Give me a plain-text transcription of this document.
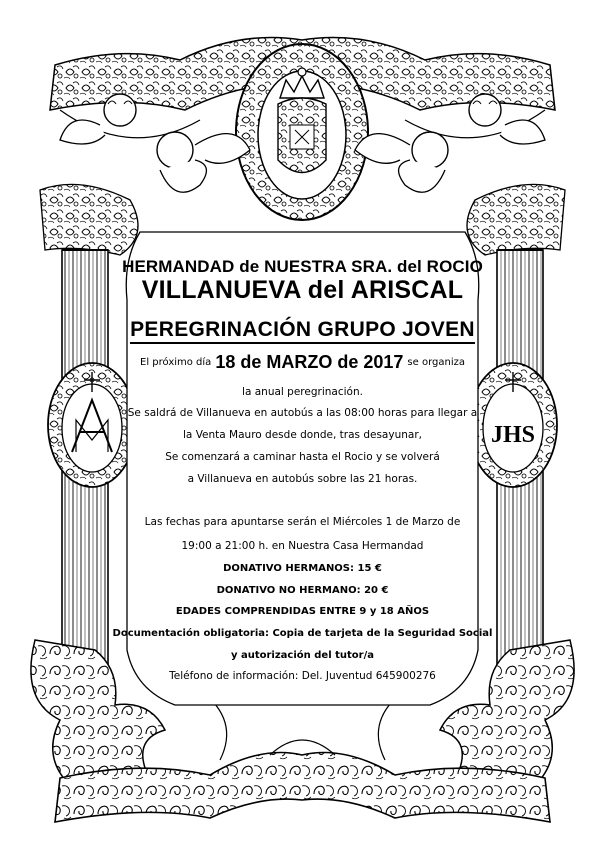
JHS
HERMANDAD de NUESTRA SRA. del ROCIO
VILLANUEVA del ARISCAL
PEREGRINACIÓN GRUPO JOVEN
El próximo día 18 de MARZO de 2017 se organiza
la anual peregrinación.
Se saldrá de Villanueva en autobús a las 08:00 horas para llegar a
la Venta Mauro desde donde, tras desayunar,
Se comenzará a caminar hasta el Rocio y se volverá
a Villanueva en autobús sobre las 21 horas.
Las fechas para apuntarse serán el Miércoles 1 de Marzo de
19:00 a 21:00 h. en Nuestra Casa Hermandad
DONATIVO HERMANOS: 15 €
DONATIVO NO HERMANO: 20 €
EDADES COMPRENDIDAS ENTRE 9 y 18 AÑOS
Documentación obligatoria: Copia de tarjeta de la Seguridad Social
y autorización del tutor/a
Teléfono de información: Del. Juventud 645900276
